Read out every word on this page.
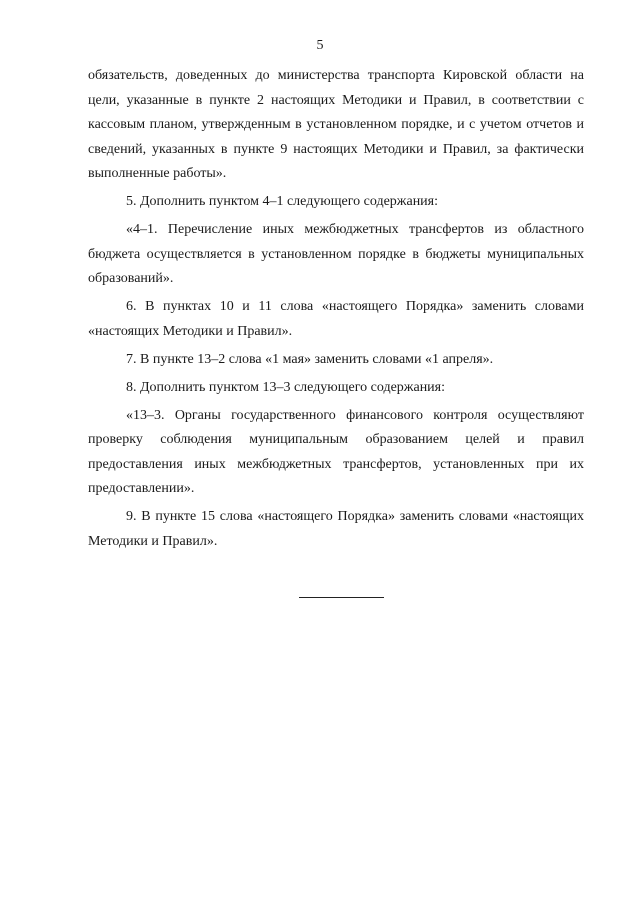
5

обязательств, доведенных до министерства транспорта Кировской области на цели, указанные в пункте 2 настоящих Методики и Правил, в соответствии с кассовым планом, утвержденным в установленном порядке, и с учетом отчетов и сведений, указанных в пункте 9 настоящих Методики и Правил, за фактически выполненные работы».

5. Дополнить пунктом 4–1 следующего содержания:

«4–1. Перечисление иных межбюджетных трансфертов из областного бюджета осуществляется в установленном порядке в бюджеты муниципальных образований».

6. В пунктах 10 и 11 слова «настоящего Порядка» заменить словами «настоящих Методики и Правил».

7. В пункте 13–2 слова «1 мая» заменить словами «1 апреля».

8. Дополнить пунктом 13–3 следующего содержания:

«13–3. Органы государственного финансового контроля осуществляют проверку соблюдения муниципальным образованием целей и правил предоставления иных межбюджетных трансфертов, установленных при их предоставлении».

9. В пункте 15 слова «настоящего Порядка» заменить словами «настоящих Методики и Правил».
